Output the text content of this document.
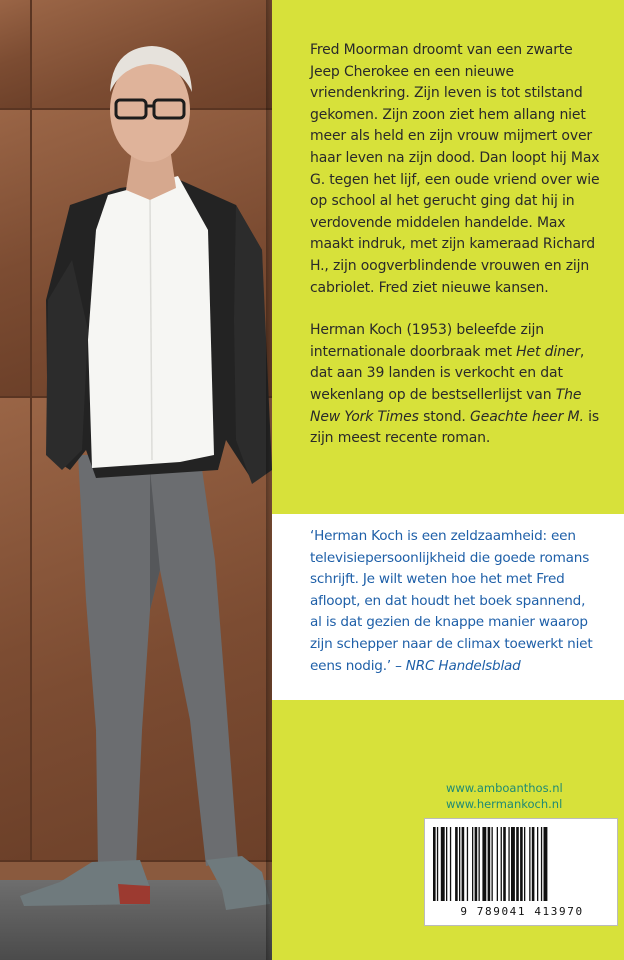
Fred Moorman droomt van een zwarte Jeep Cherokee en een nieuwe vriendenkring. Zijn leven is tot stilstand gekomen. Zijn zoon ziet hem allang niet meer als held en zijn vrouw mijmert over haar leven na zijn dood. Dan loopt hij Max G. tegen het lijf, een oude vriend over wie op school al het gerucht ging dat hij in verdovende middelen handelde. Max maakt indruk, met zijn kameraad Richard H., zijn oogverblindende vrouwen en zijn cabriolet. Fred ziet nieuwe kansen.

Herman Koch (1953) beleefde zijn internationale doorbraak met Het diner, dat aan 39 landen is verkocht en dat wekenlang op de bestsellerlijst van The New York Times stond. Geachte heer M. is zijn meest recente roman.

‘Herman Koch is een zeldzaamheid: een televisiepersoonlijkheid die goede romans schrijft. Je wilt weten hoe het met Fred afloopt, en dat houdt het boek spannend, al is dat gezien de knappe manier waarop zijn schepper naar de climax toewerkt niet eens nodig.’ – NRC Handelsblad

www.amboanthos.nl
www.hermankoch.nl
9 789041 413970
